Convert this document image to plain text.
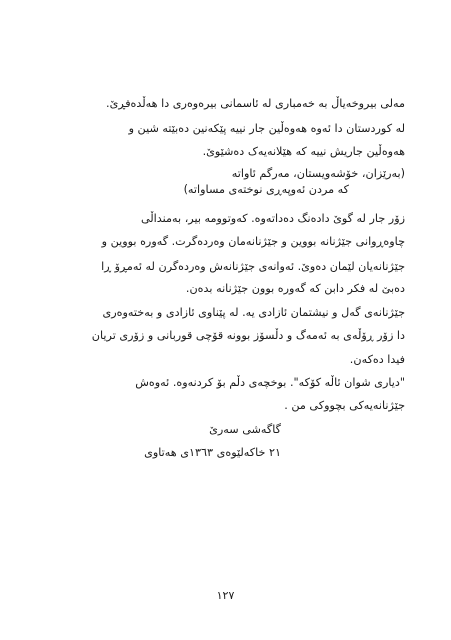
مەلی بیروخەیاڵ بە خەمباری لە ئاسمانی بیرەوەری دا هەڵدەفڕێ.
لە کوردستان دا ئەوە هەوەڵین جار نییە پێکەنین دەبێتە شین و
هەوەڵین جاریش نییە کە هێلانەیەک دەشێوێ.
(بەرێزان، خۆشەویستان، مەرگم ئاواتە
کە مردن ئەوپەڕی نوختەی مساواتە)
زۆر جار لە گوێ دادەنگ دەداتەوە. کەوتوومە بیر، بەمنداڵی
چاوەڕوانی جێژنانە بووین و جێژنانەمان وەردەگرت. گەورە بووین و
جێژنانەیان لێمان دەوێ. ئەوانەی جێژنانەش وەردەگرن لە ئەمڕۆ ڕا
دەبێ لە فکر دابن کە گەورە بوون جێژنانە بدەن.
جێژنانەی گەل و نیشتمان ئازادی یە. لە پێناوی ئازادی و بەختەوەری
دا زۆر ڕۆڵەی بە ئەمەگ و دڵسۆز بوونە قۆچی قوربانی و زۆری تریان
فیدا دەکەن.
"دیاری شوان ئاڵە کۆکە". بوخچەی دڵم بۆ کردنەوە. ئەوەش
جێژنانەیەکی بچووکی من .
گاگەشی سەرێ
٢١ خاکەلێوەی ١٣٦٣ی هەتاوی
١٢٧
